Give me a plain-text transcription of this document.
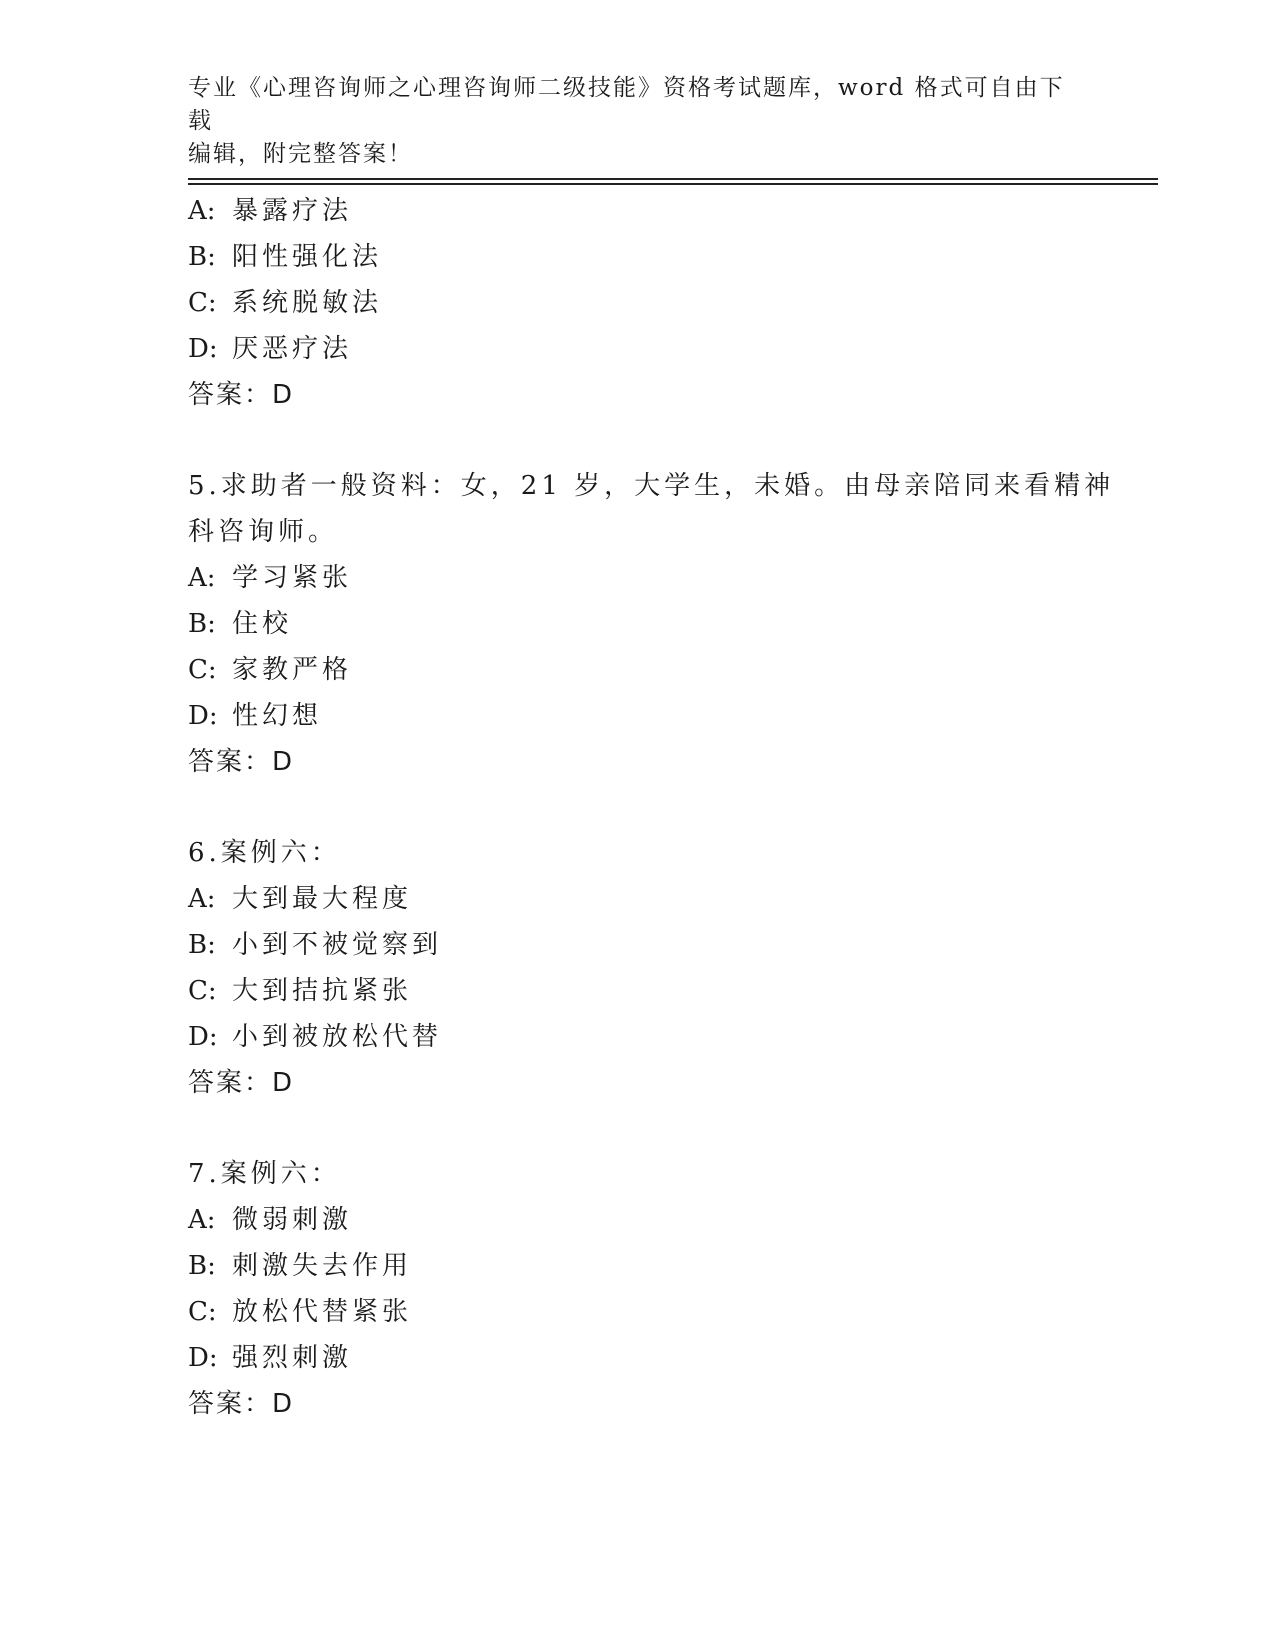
专业《心理咨询师之心理咨询师二级技能》资格考试题库，word 格式可自由下载
编辑，附完整答案！
A: 暴露疗法
B: 阳性强化法
C: 系统脱敏法
D: 厌恶疗法
答案：D
5.求助者一般资料：女，21 岁，大学生，未婚。由母亲陪同来看精神
科咨询师。
A: 学习紧张
B: 住校
C: 家教严格
D: 性幻想
答案：D
6.案例六：
A: 大到最大程度
B: 小到不被觉察到
C: 大到拮抗紧张
D: 小到被放松代替
答案：D
7.案例六：
A: 微弱刺激
B: 刺激失去作用
C: 放松代替紧张
D: 强烈刺激
答案：D
